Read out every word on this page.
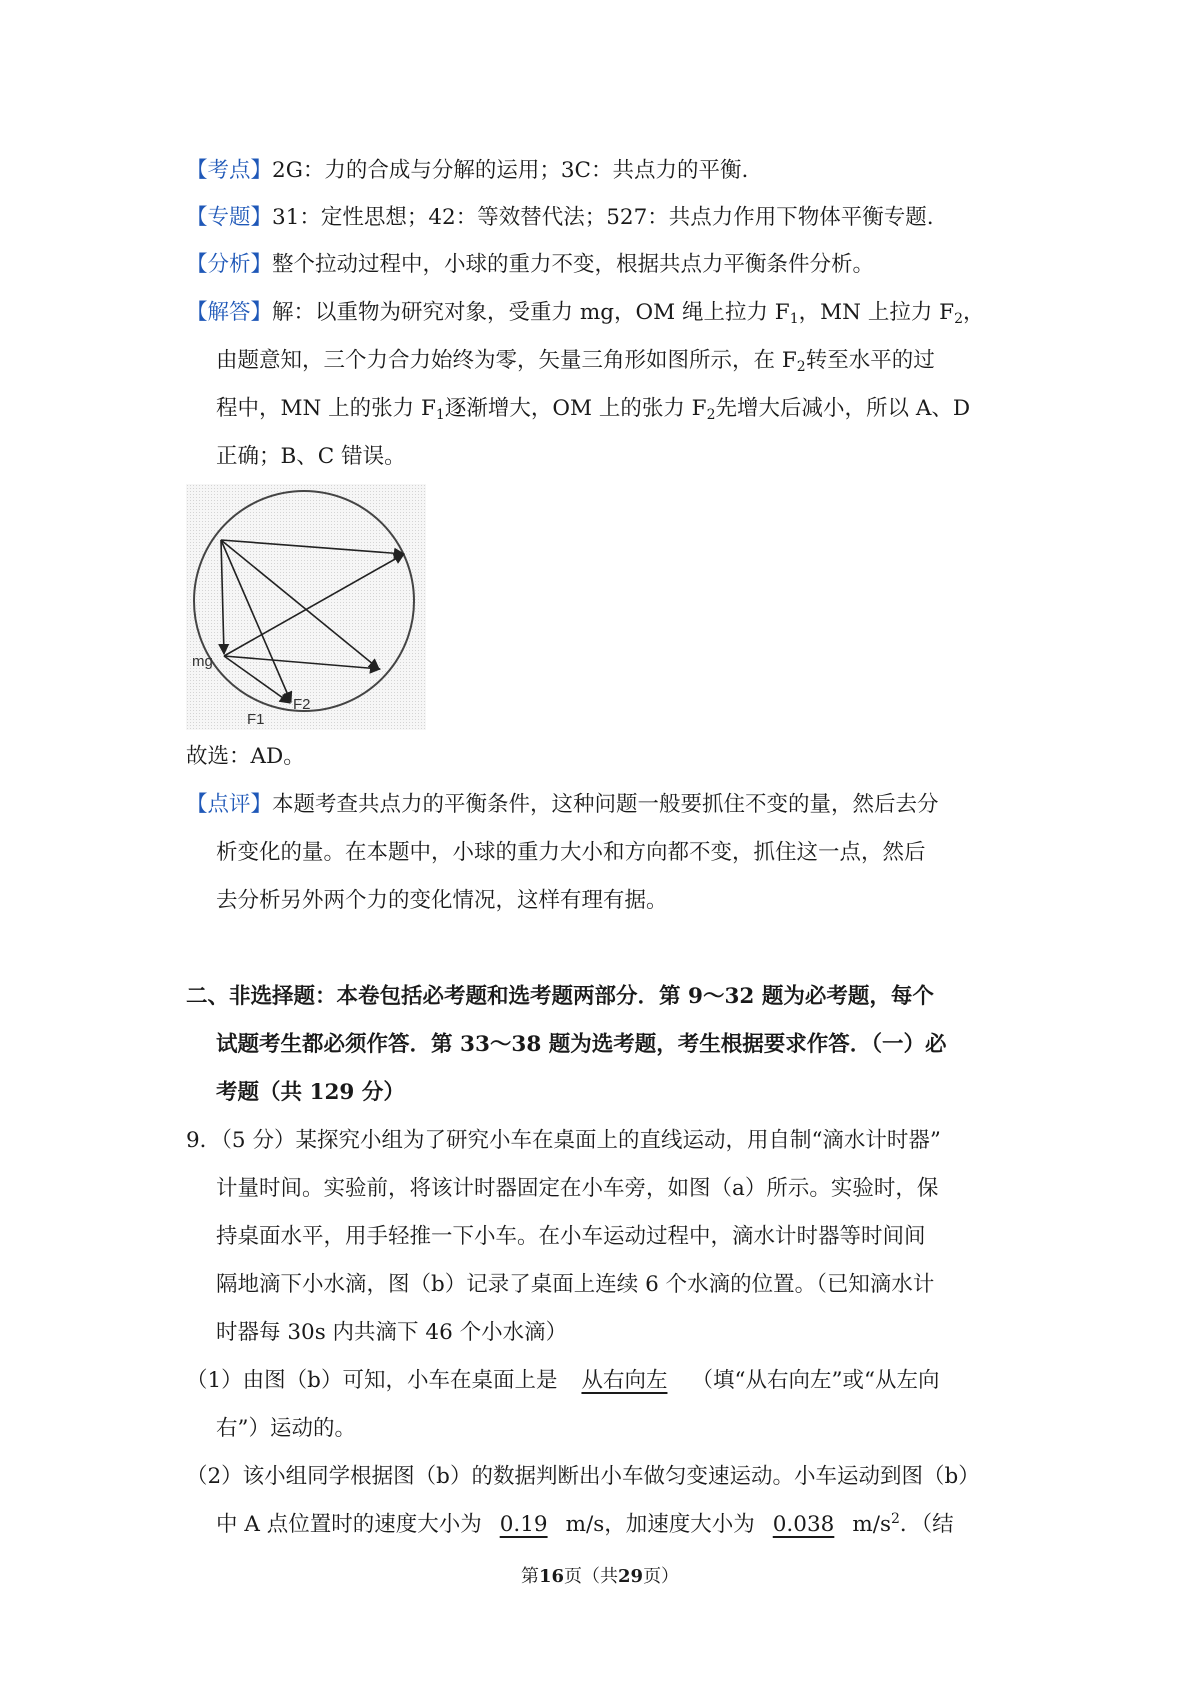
【考点】2G：力的合成与分解的运用；3C：共点力的平衡.
【专题】31：定性思想；42：等效替代法；527：共点力作用下物体平衡专题.
【分析】整个拉动过程中，小球的重力不变，根据共点力平衡条件分析。
【解答】解：以重物为研究对象，受重力 mg，OM 绳上拉力 $F_1$，MN 上拉力 $F_2$，
由题意知，三个力合力始终为零，矢量三角形如图所示，在 $F_2$转至水平的过
程中，MN 上的张力 $F_1$逐渐增大，OM 上的张力 $F_2$先增大后减小，所以 A、D
正确；B、C 错误。
mg
F2
F1
故选：AD。
【点评】本题考查共点力的平衡条件，这种问题一般要抓住不变的量，然后去分
析变化的量。在本题中，小球的重力大小和方向都不变，抓住这一点，然后
去分析另外两个力的变化情况，这样有理有据。
二、非选择题：本卷包括必考题和选考题两部分．第 9～32 题为必考题，每个
试题考生都必须作答．第 33～38 题为选考题，考生根据要求作答．（一）必
考题（共 129 分）
9．（5 分）某探究小组为了研究小车在桌面上的直线运动，用自制“滴水计时器”
计量时间。实验前，将该计时器固定在小车旁，如图（a）所示。实验时，保
持桌面水平，用手轻推一下小车。在小车运动过程中，滴水计时器等时间间
隔地滴下小水滴，图（b）记录了桌面上连续 6 个水滴的位置。（已知滴水计
时器每 30s 内共滴下 46 个小水滴）
（1）由图（b）可知，小车在桌面上是 从右向左 （填“从右向左”或“从左向
右”）运动的。
（2）该小组同学根据图（b）的数据判断出小车做匀变速运动。小车运动到图（b）
中 A 点位置时的速度大小为 0.19 m/s，加速度大小为 0.038 $m/s^2$．（结
第16页（共29页）
